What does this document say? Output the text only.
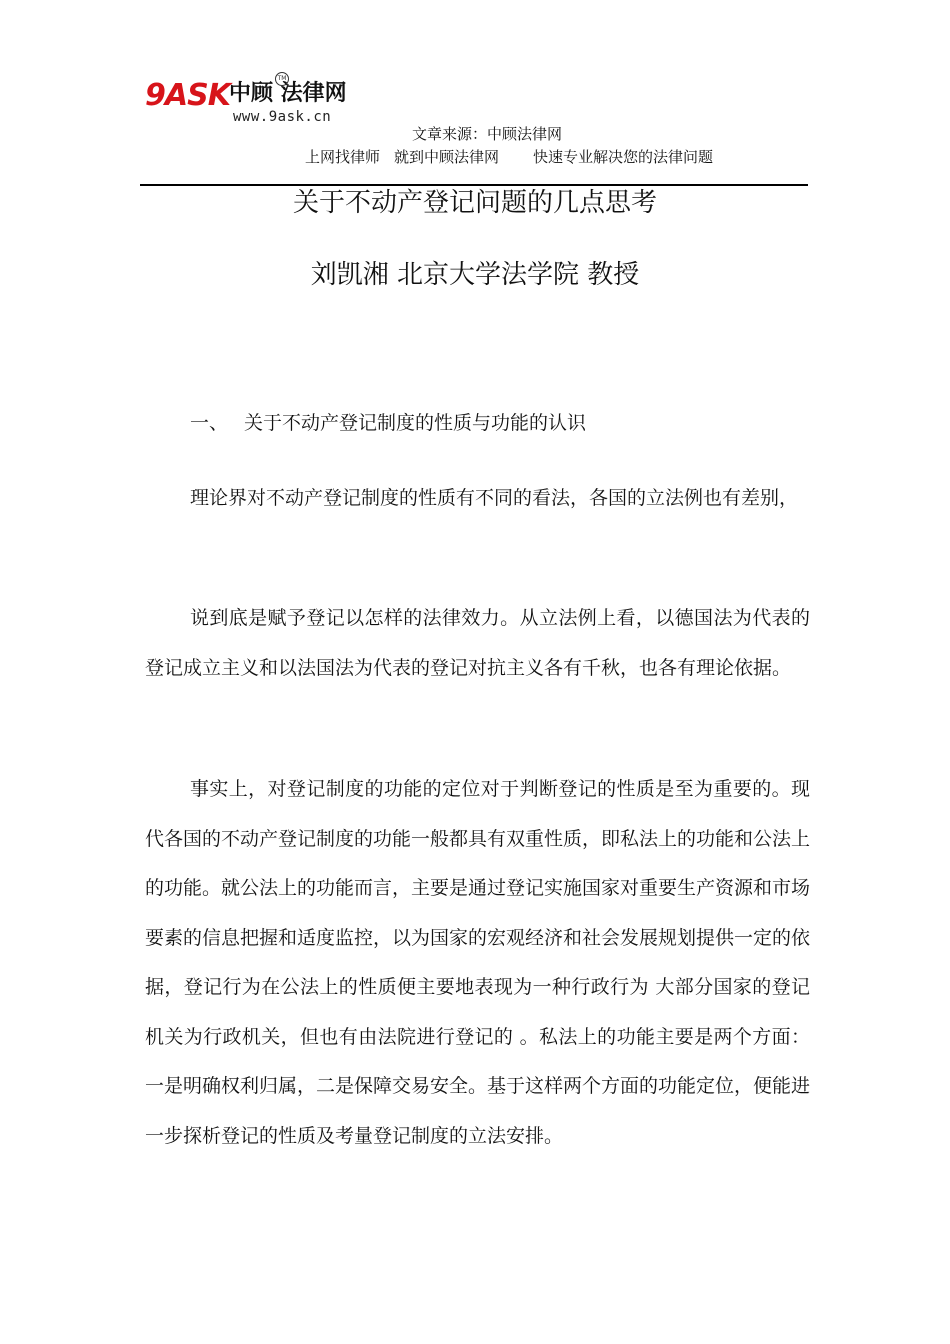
9ASK 中顾 法律网
TM
www.9ask.cn
文章来源：中顾法律网
上网找律师 就到中顾法律网 快速专业解决您的法律问题
关于不动产登记问题的几点思考
刘凯湘 北京大学法学院 教授
一、 关于不动产登记制度的性质与功能的认识

理论界对不动产登记制度的性质有不同的看法，各国的立法例也有差别，

说到底是赋予登记以怎样的法律效力。从立法例上看，以德国法为代表的登记成立主义和以法国法为代表的登记对抗主义各有千秋，也各有理论依据。

事实上，对登记制度的功能的定位对于判断登记的性质是至为重要的。现代各国的不动产登记制度的功能一般都具有双重性质，即私法上的功能和公法上的功能。就公法上的功能而言，主要是通过登记实施国家对重要生产资源和市场要素的信息把握和适度监控，以为国家的宏观经济和社会发展规划提供一定的依据，登记行为在公法上的性质便主要地表现为一种行政行为 大部分国家的登记机关为行政机关，但也有由法院进行登记的 。私法上的功能主要是两个方面：一是明确权利归属，二是保障交易安全。基于这样两个方面的功能定位，便能进一步探析登记的性质及考量登记制度的立法安排。
